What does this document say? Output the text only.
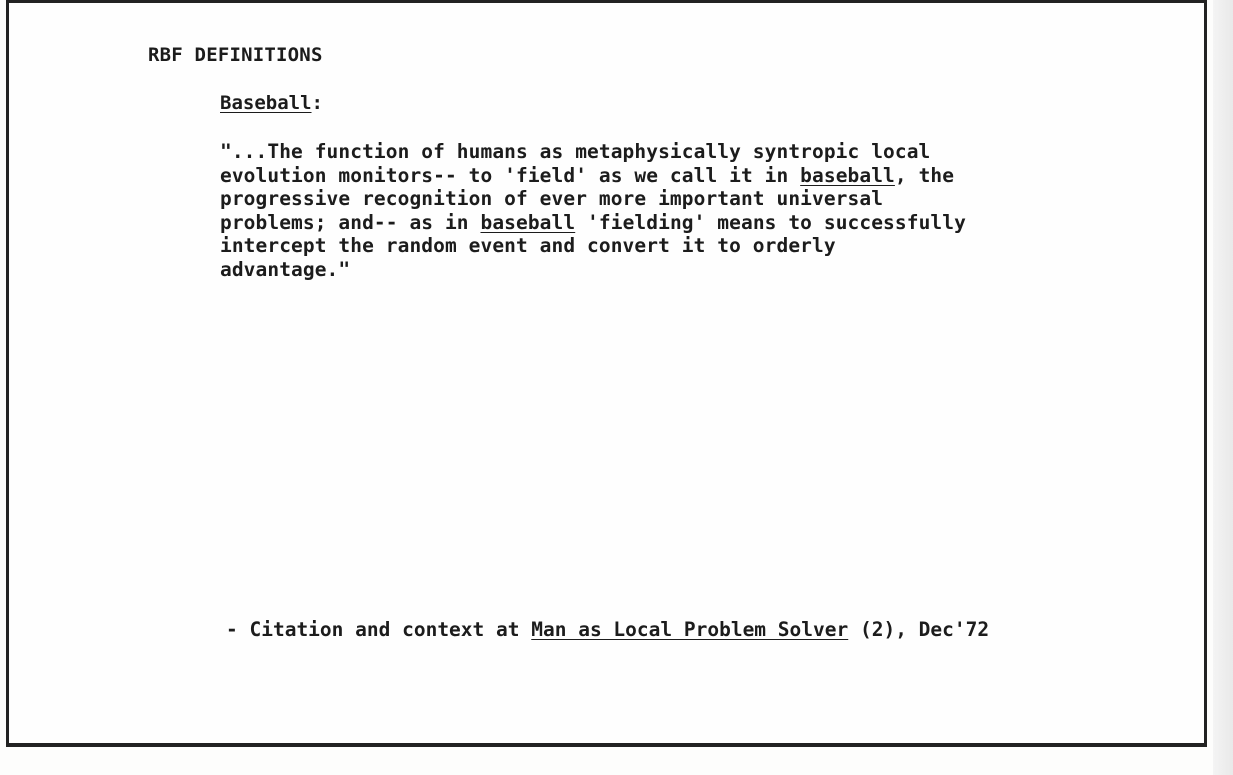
RBF DEFINITIONS
Baseball:
"...The function of humans as metaphysically syntropic local
evolution monitors-- to 'field' as we call it in baseball, the
progressive recognition of ever more important universal
problems; and-- as in baseball 'fielding' means to successfully
intercept the random event and convert it to orderly
advantage."
- Citation and context at Man as Local Problem Solver (2), Dec'72
